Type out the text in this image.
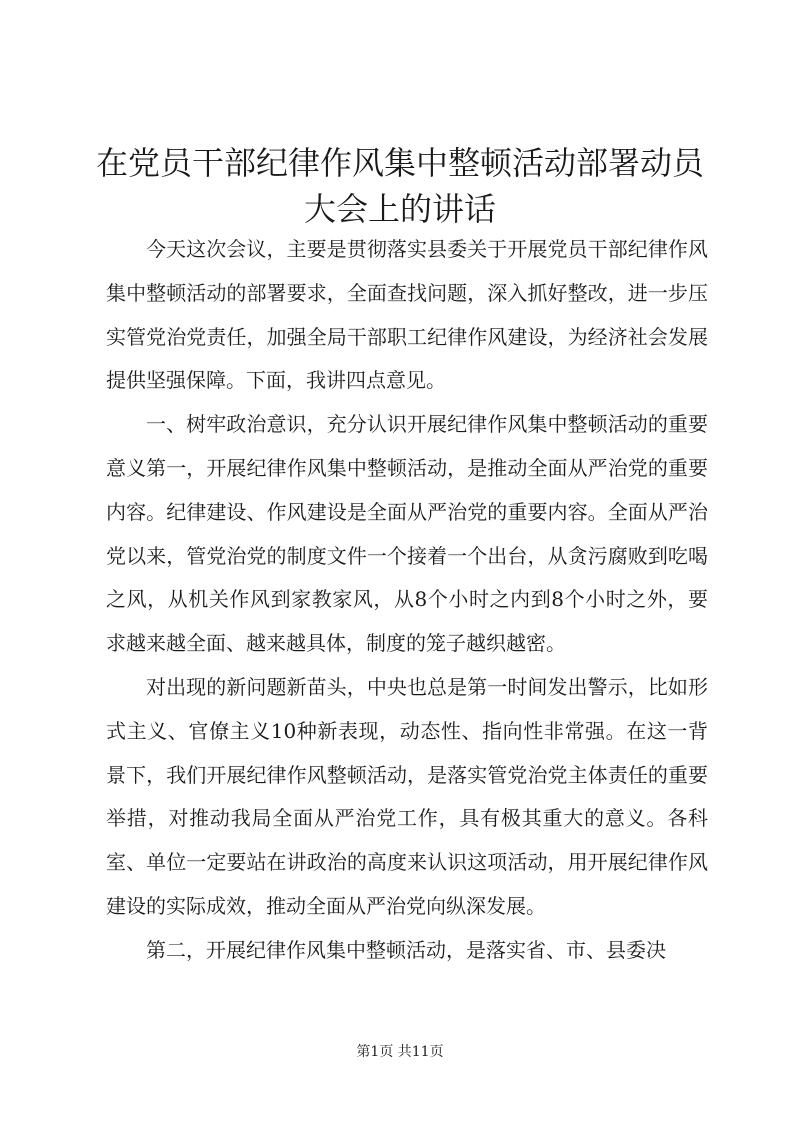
在党员干部纪律作风集中整顿活动部署动员大会上的讲话

今天这次会议，主要是贯彻落实县委关于开展党员干部纪律作风集中整顿活动的部署要求，全面查找问题，深入抓好整改，进一步压实管党治党责任，加强全局干部职工纪律作风建设，为经济社会发展提供坚强保障。下面，我讲四点意见。

一、树牢政治意识，充分认识开展纪律作风集中整顿活动的重要意义第一，开展纪律作风集中整顿活动，是推动全面从严治党的重要内容。纪律建设、作风建设是全面从严治党的重要内容。全面从严治党以来，管党治党的制度文件一个接着一个出台，从贪污腐败到吃喝之风，从机关作风到家教家风，从8个小时之内到8个小时之外，要求越来越全面、越来越具体，制度的笼子越织越密。

对出现的新问题新苗头，中央也总是第一时间发出警示，比如形式主义、官僚主义10种新表现，动态性、指向性非常强。在这一背景下，我们开展纪律作风整顿活动，是落实管党治党主体责任的重要举措，对推动我局全面从严治党工作，具有极其重大的意义。各科室、单位一定要站在讲政治的高度来认识这项活动，用开展纪律作风建设的实际成效，推动全面从严治党向纵深发展。

第二，开展纪律作风集中整顿活动，是落实省、市、县委决

第1页 共11页
